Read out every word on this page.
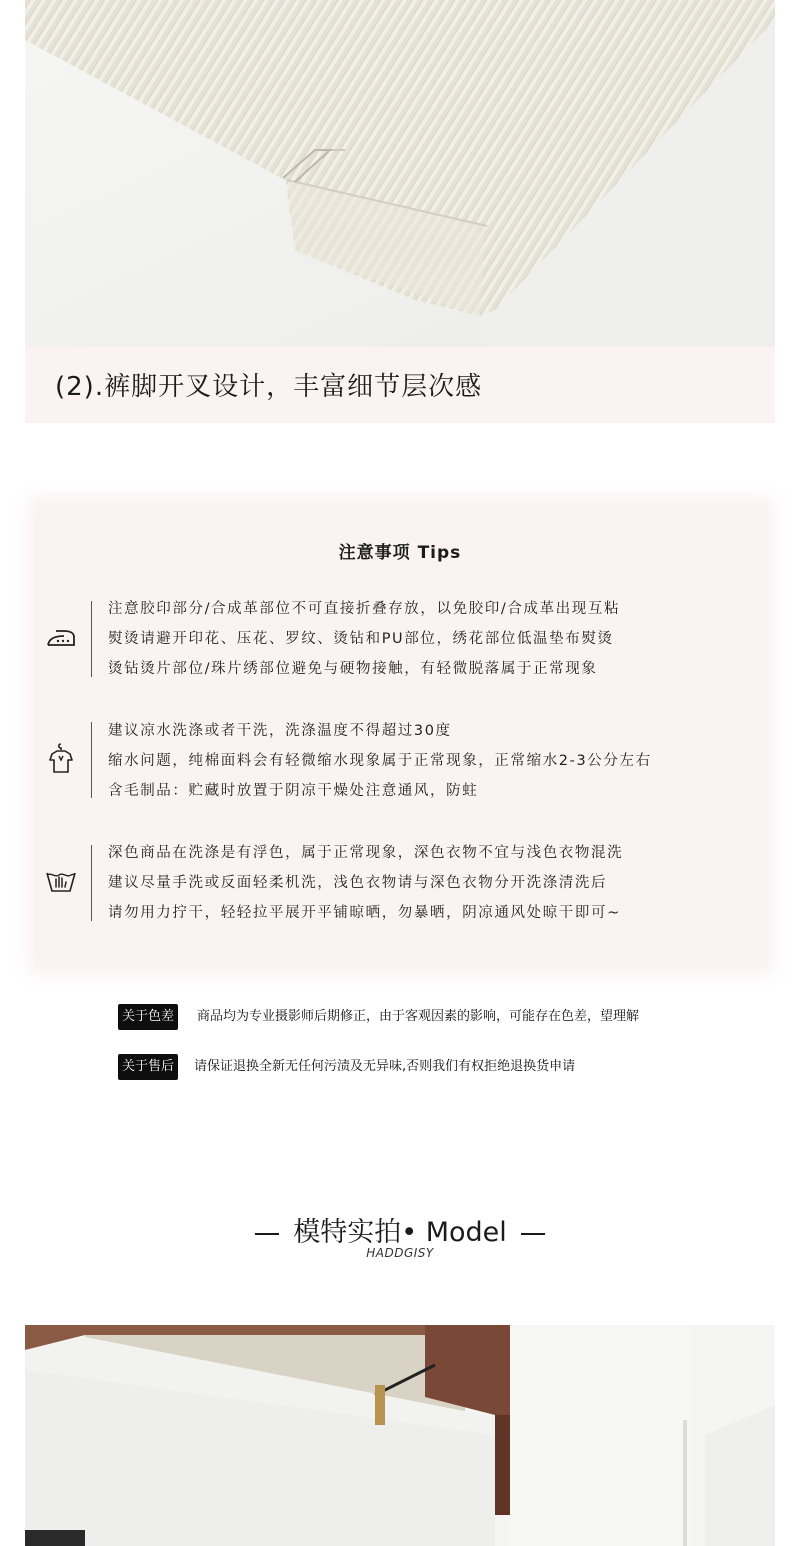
(2).裤脚开叉设计，丰富细节层次感
注意事项 Tips
注意胶印部分/合成革部位不可直接折叠存放，以免胶印/合成革出现互粘
熨烫请避开印花、压花、罗纹、烫钻和PU部位，绣花部位低温垫布熨烫
烫钻烫片部位/珠片绣部位避免与硬物接触，有轻微脱落属于正常现象
建议凉水洗涤或者干洗，洗涤温度不得超过30度
缩水问题，纯棉面料会有轻微缩水现象属于正常现象，正常缩水2-3公分左右
含毛制品：贮藏时放置于阴凉干燥处注意通风，防蛀
深色商品在洗涤是有浮色，属于正常现象，深色衣物不宜与浅色衣物混洗
建议尽量手洗或反面轻柔机洗，浅色衣物请与深色衣物分开洗涤清洗后
请勿用力拧干，轻轻拉平展开平铺晾晒，勿暴晒，阴凉通风处晾干即可~
关于色差	商品均为专业摄影师后期修正，由于客观因素的影响，可能存在色差，望理解
关于售后	请保证退换全新无任何污渍及无异味,否则我们有权拒绝退换货申请
模特实拍• Model
HADDGISY
